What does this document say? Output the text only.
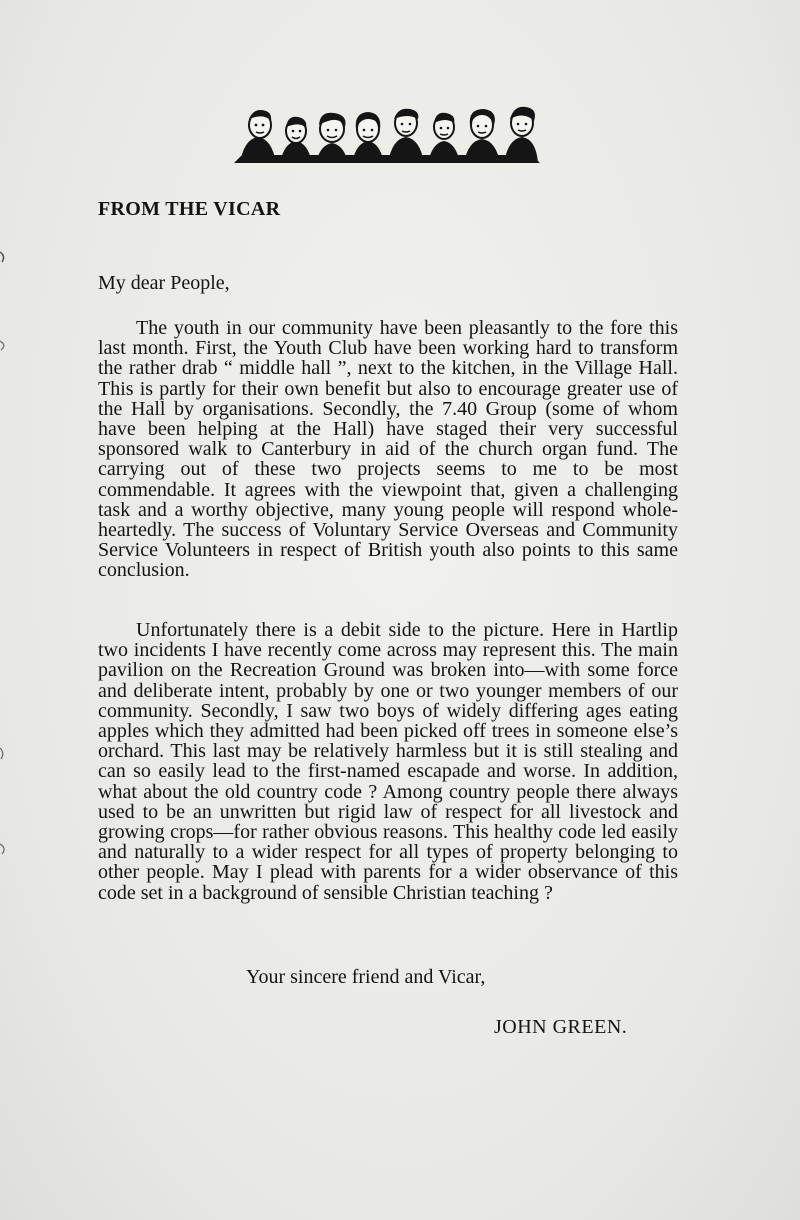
FROM THE VICAR
My dear People,

The youth in our community have been pleasantly to the fore this last month. First, the Youth Club have been working hard to transform the rather drab “ middle hall ”, next to the kitchen, in the Village Hall. This is partly for their own benefit but also to encourage greater use of the Hall by organisations. Secondly, the 7.40 Group (some of whom have been helping at the Hall) have staged their very successful sponsored walk to Canterbury in aid of the church organ fund. The carrying out of these two projects seems to me to be most commendable. It agrees with the viewpoint that, given a challenging task and a worthy objective, many young people will respond whole-heartedly. The success of Voluntary Service Overseas and Community Service Volunteers in respect of British youth also points to this same conclusion.

Unfortunately there is a debit side to the picture. Here in Hartlip two incidents I have recently come across may represent this. The main pavilion on the Recreation Ground was broken into—with some force and deliberate intent, probably by one or two younger members of our community. Secondly, I saw two boys of widely differing ages eating apples which they admitted had been picked off trees in someone else’s orchard. This last may be relatively harmless but it is still stealing and can so easily lead to the first-named escapade and worse. In addition, what about the old country code ? Among country people there always used to be an unwritten but rigid law of respect for all livestock and growing crops—for rather obvious reasons. This healthy code led easily and naturally to a wider respect for all types of property belonging to other people. May I plead with parents for a wider observance of this code set in a background of sensible Christian teaching ?

Your sincere friend and Vicar,
JOHN GREEN.
